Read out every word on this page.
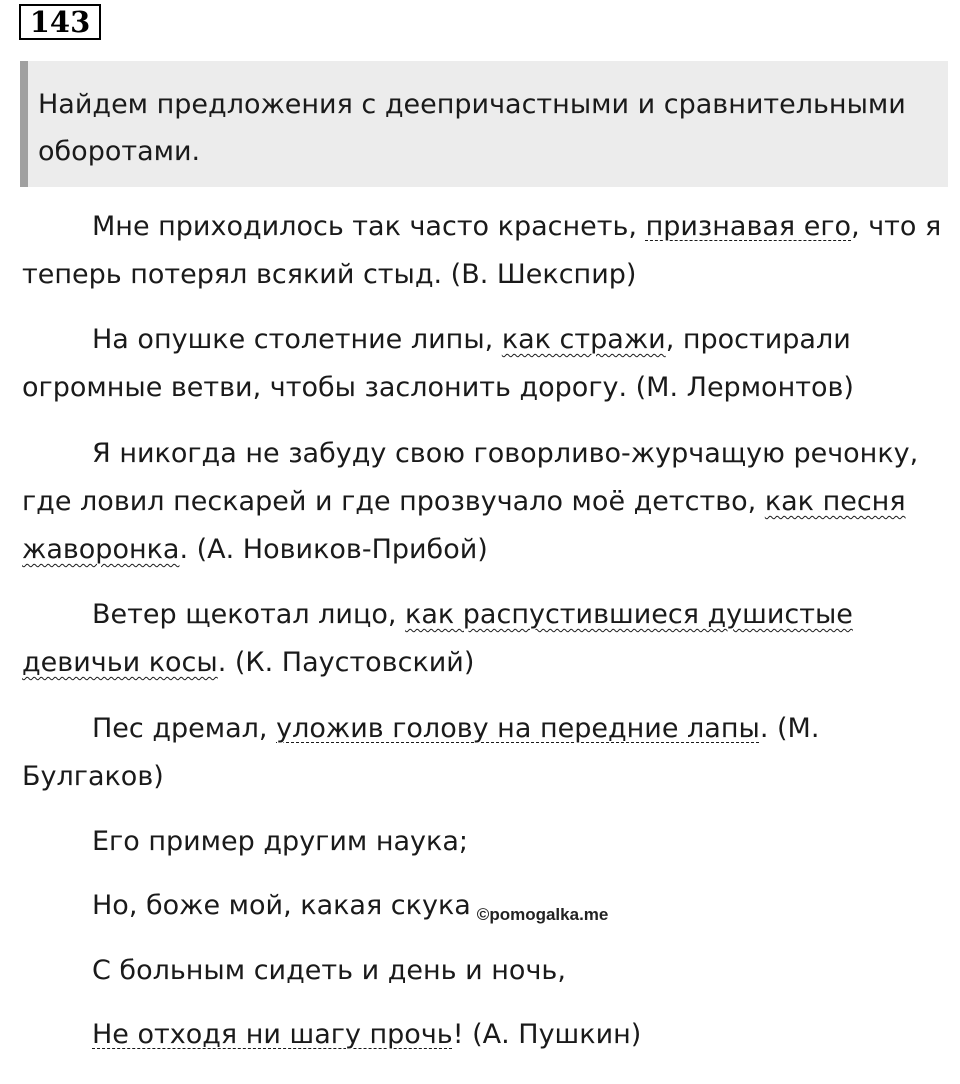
143
Найдем предложения с деепричастными и сравнительными оборотами.

Мне приходилось так часто краснеть, признавая его, что я теперь потерял всякий стыд. (В. Шекспир)

На опушке столетние липы, как стражи, простирали огромные ветви, чтобы заслонить дорогу. (М. Лермонтов)

Я никогда не забуду свою говорливо-журчащую речонку, где ловил пескарей и где прозвучало моё детство, как песня жаворонка. (А. Новиков-Прибой)

Ветер щекотал лицо, как распустившиеся душистые девичьи косы. (К. Паустовский)

Пес дремал, уложив голову на передние лапы. (М. Булгаков)

Его пример другим наука;

Но, боже мой, какая скука $_{©pomogalka.me}$

С больным сидеть и день и ночь,

Не отходя ни шагу прочь! (А. Пушкин)
